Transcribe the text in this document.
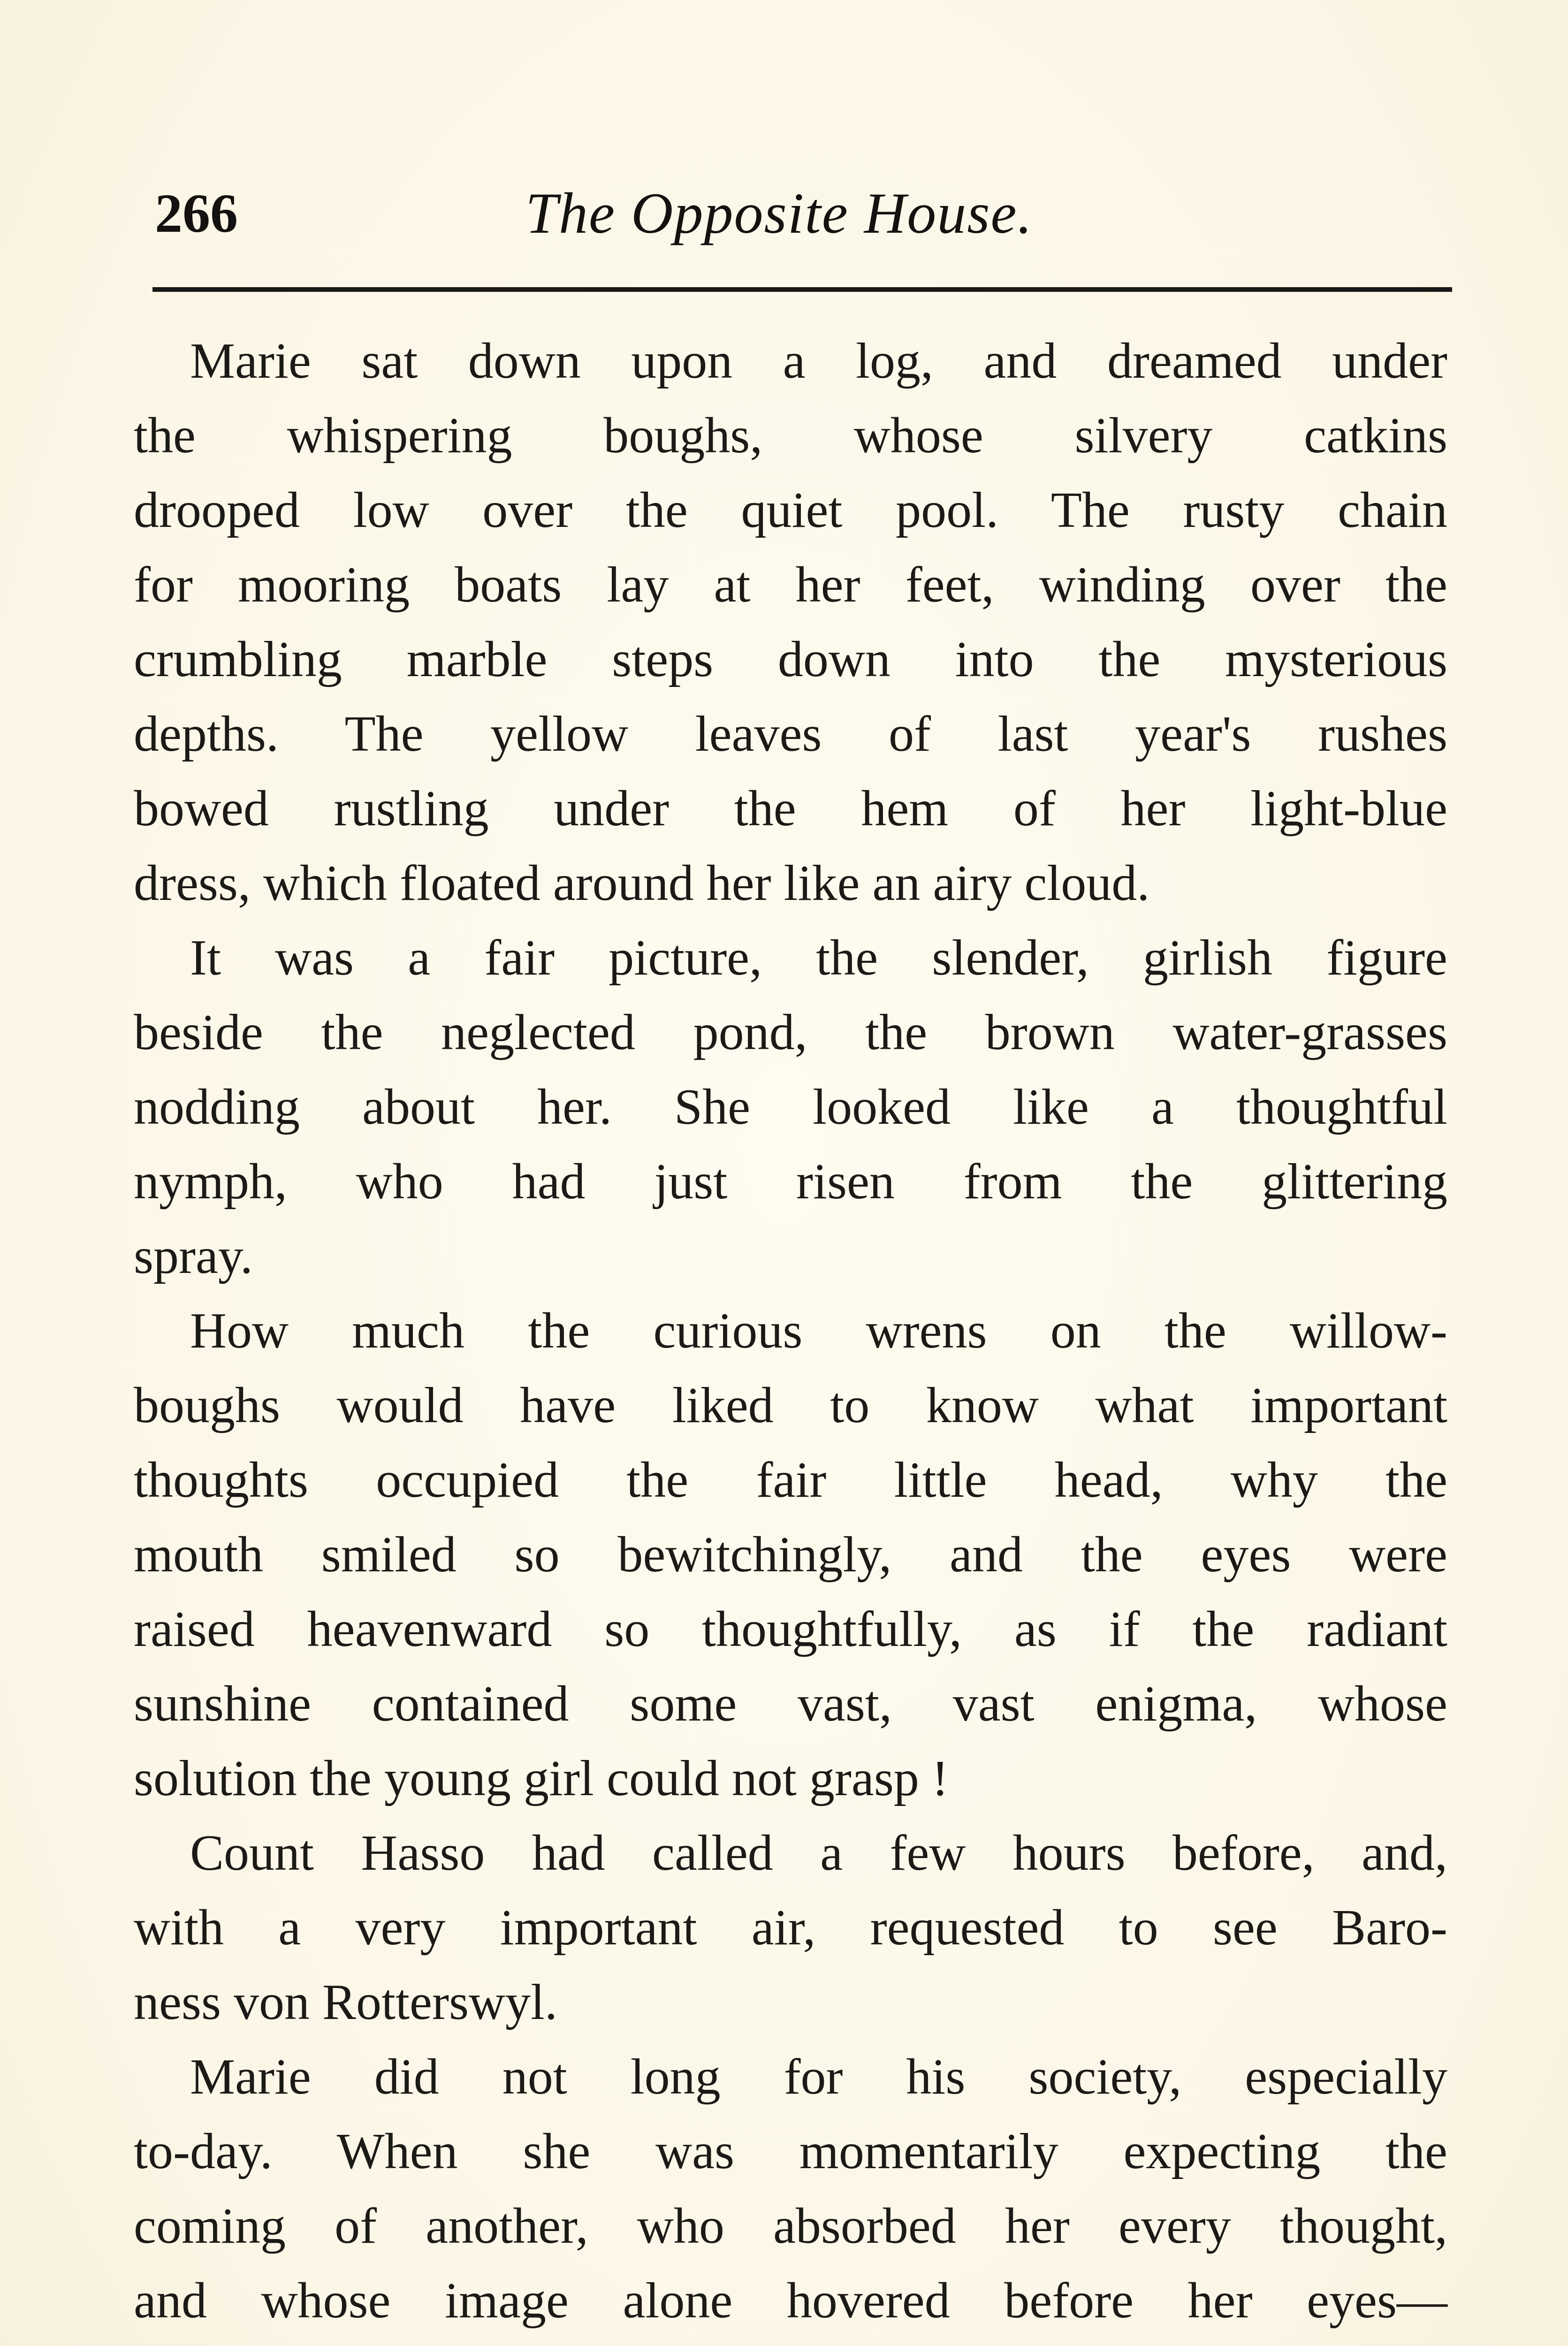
266	The Opposite House.
Marie sat down upon a log, and dreamed under
the whispering boughs, whose silvery catkins
drooped low over the quiet pool. The rusty chain
for mooring boats lay at her feet, winding over the
crumbling marble steps down into the mysterious
depths. The yellow leaves of last year's rushes
bowed rustling under the hem of her light-blue
dress, which floated around her like an airy cloud.
It was a fair picture, the slender, girlish figure
beside the neglected pond, the brown water-grasses
nodding about her. She looked like a thoughtful
nymph, who had just risen from the glittering
spray.
How much the curious wrens on the willow-
boughs would have liked to know what important
thoughts occupied the fair little head, why the
mouth smiled so bewitchingly, and the eyes were
raised heavenward so thoughtfully, as if the radiant
sunshine contained some vast, vast enigma, whose
solution the young girl could not grasp !
Count Hasso had called a few hours before, and,
with a very important air, requested to see Baro-
ness von Rotterswyl.
Marie did not long for his society, especially
to-day. When she was momentarily expecting the
coming of another, who absorbed her every thought,
and whose image alone hovered before her eyes—
